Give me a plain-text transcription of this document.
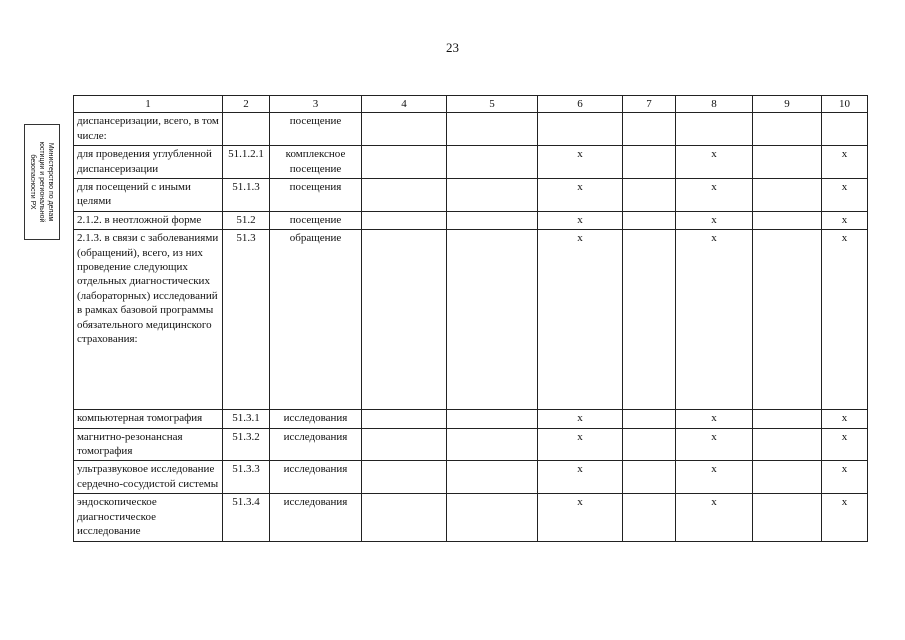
23
Министерство по делам
юстиции и региональной
безопасности РХ
1	2	3	4	5	6	7	8	9	10
диспансеризации, всего, в том числе:		посещение							
для проведения углубленной диспансеризации	51.1.2.1	комплексное посещение			х		х		х
для посещений с иными целями	51.1.3	посещения			х		х		х
2.1.2. в неотложной форме	51.2	посещение			х		х		х
2.1.3. в связи с заболеваниями (обращений), всего, из них проведение следующих отдельных диагностических (лабораторных) исследований в рамках базовой программы обязательного медицинского страхования:	51.3	обращение			х		х		х
компьютерная томография	51.3.1	исследования			х		х		х
магнитно-резонансная томография	51.3.2	исследования			х		х		х
ультразвуковое исследование сердечно-сосудистой системы	51.3.3	исследования			х		х		х
эндоскопическое диагностическое исследование	51.3.4	исследования			х		х		х
